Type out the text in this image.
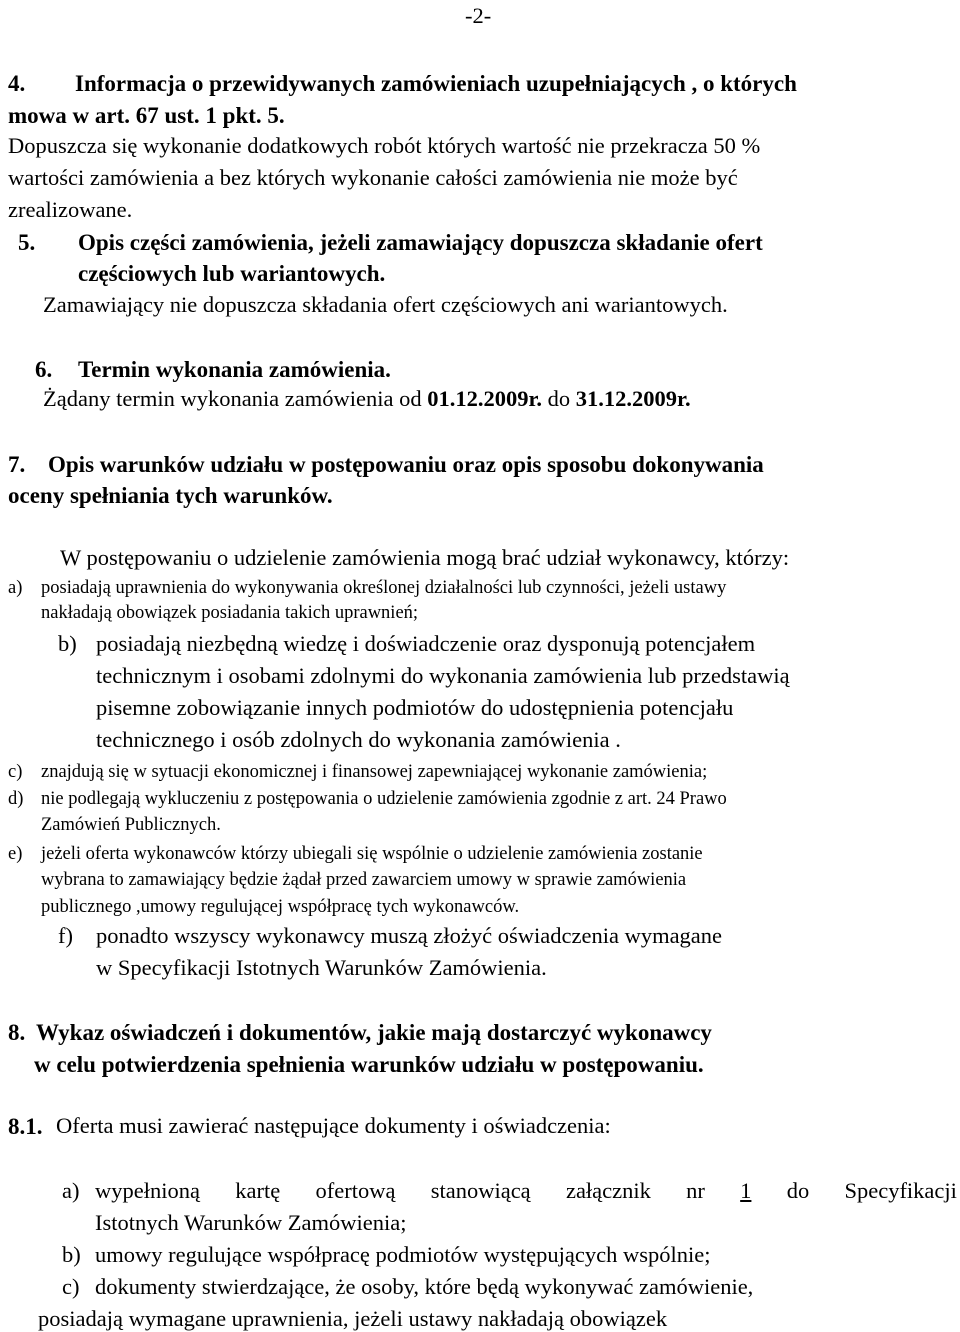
-2-
4. Informacja o przewidywanych zamówieniach uzupełniających , o których
mowa w art. 67 ust. 1 pkt. 5.
Dopuszcza się wykonanie dodatkowych robót których wartość nie przekracza 50 %
wartości zamówienia a bez których wykonanie całości zamówienia nie może być
zrealizowane.
5. Opis części zamówienia, jeżeli zamawiający dopuszcza składanie ofert
częściowych lub wariantowych.
Zamawiający nie dopuszcza składania ofert częściowych ani wariantowych.
6. Termin wykonania zamówienia.
Żądany termin wykonania zamówienia od 01.12.2009r. do 31.12.2009r.
7. Opis warunków udziału w postępowaniu oraz opis sposobu dokonywania
oceny spełniania tych warunków.
W postępowaniu o udzielenie zamówienia mogą brać udział wykonawcy, którzy:
a) posiadają uprawnienia do wykonywania określonej działalności lub czynności, jeżeli ustawy
nakładają obowiązek posiadania takich uprawnień;
b) posiadają niezbędną wiedzę i doświadczenie oraz dysponują potencjałem
technicznym i osobami zdolnymi do wykonania zamówienia lub przedstawią
pisemne zobowiązanie innych podmiotów do udostępnienia potencjału
technicznego i osób zdolnych do wykonania zamówienia .
c) znajdują się w sytuacji ekonomicznej i finansowej zapewniającej wykonanie zamówienia;
d) nie podlegają wykluczeniu z postępowania o udzielenie zamówienia zgodnie z art. 24 Prawo
Zamówień Publicznych.
e) jeżeli oferta wykonawców którzy ubiegali się wspólnie o udzielenie zamówienia zostanie
wybrana to zamawiający będzie żądał przed zawarciem umowy w sprawie zamówienia
publicznego ,umowy regulującej współpracę tych wykonawców.
f) ponadto wszyscy wykonawcy muszą złożyć oświadczenia wymagane
w Specyfikacji Istotnych Warunków Zamówienia.
8. Wykaz oświadczeń i dokumentów, jakie mają dostarczyć wykonawcy
w celu potwierdzenia spełnienia warunków udziału w postępowaniu.
8.1. Oferta musi zawierać następujące dokumenty i oświadczenia:
a) wypełnioną kartę ofertową stanowiącą załącznik nr 1 do Specyfikacji
Istotnych Warunków Zamówienia;
b) umowy regulujące współpracę podmiotów występujących wspólnie;
c) dokumenty stwierdzające, że osoby, które będą wykonywać zamówienie,
posiadają wymagane uprawnienia, jeżeli ustawy nakładają obowiązek
